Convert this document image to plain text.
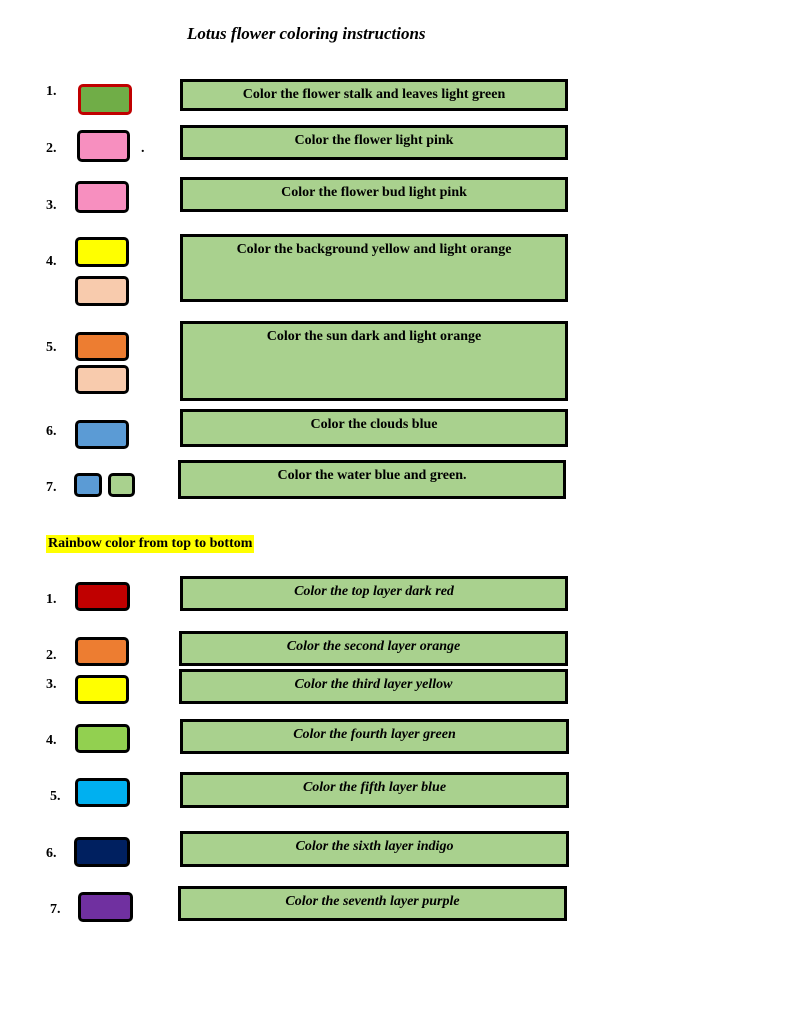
Lotus flower coloring instructions
1.	Color the flower stalk and leaves light green
2.	.
Color the flower light pink
3.
Color the flower bud light pink
4.
Color the background yellow and light orange
5.
Color the sun dark and light orange
6.	Color the clouds blue
7.
Color the water blue and green.
Rainbow color from top to bottom
1.
Color the top layer dark red
2.
Color the second layer orange
3.	Color the third layer yellow
4.	Color the fourth layer green
5.
Color the fifth layer blue
6.	Color the sixth layer indigo
7.
Color the seventh layer purple
